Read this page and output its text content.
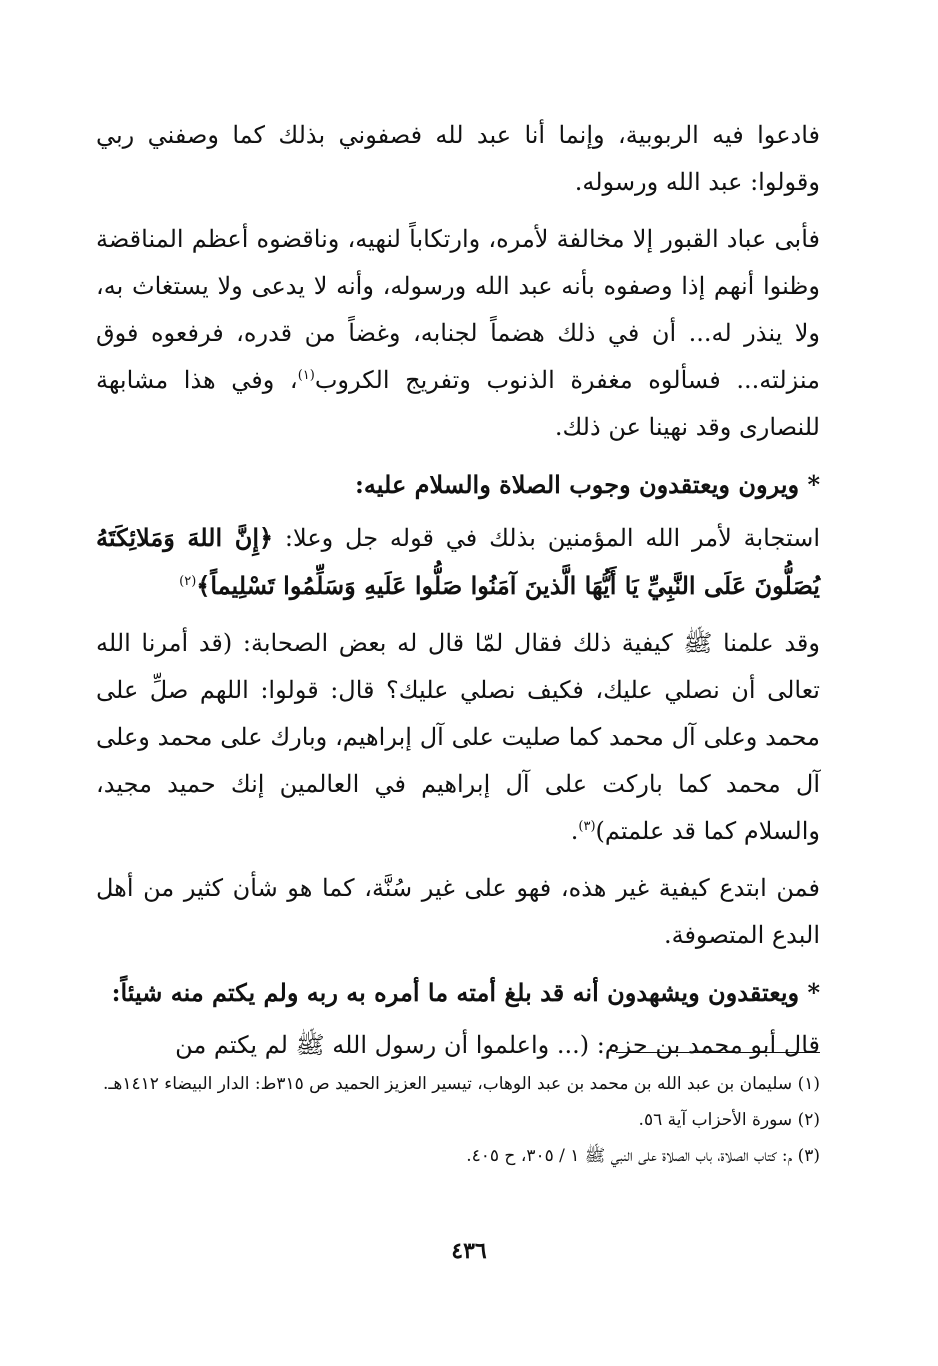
فادعوا فيه الربوبية، وإنما أنا عبد لله فصفوني بذلك كما وصفني ربي وقولوا: عبد الله ورسوله.

فأبى عباد القبور إلا مخالفة لأمره، وارتكاباً لنهيه، وناقضوه أعظم المناقضة وظنوا أنهم إذا وصفوه بأنه عبد الله ورسوله، وأنه لا يدعى ولا يستغاث به، ولا ينذر له... أن في ذلك هضماً لجنابه، وغضاً من قدره، فرفعوه فوق منزلته... فسألوه مغفرة الذنوب وتفريج الكروب$^{(١)}$، وفي هذا مشابهة للنصارى وقد نهينا عن ذلك.

* ويرون ويعتقدون وجوب الصلاة والسلام عليه:

استجابة لأمر الله المؤمنين بذلك في قوله جل وعلا: ﴿إِنَّ اللهَ وَمَلائِكَتَهُ يُصَلُّونَ عَلَى النَّبِيِّ يَا أَيُّهَا الَّذينَ آمَنُوا صَلُّوا عَلَيهِ وَسَلِّمُوا تَسْلِيماً﴾$^{(٢)}$

وقد علمنا ﷺ كيفية ذلك فقال لمّا قال له بعض الصحابة: (قد أمرنا الله تعالى أن نصلي عليك، فكيف نصلي عليك؟ قال: قولوا: اللهم صلِّ على محمد وعلى آل محمد كما صليت على آل إبراهيم، وبارك على محمد وعلى آل محمد كما باركت على آل إبراهيم في العالمين إنك حميد مجيد، والسلام كما قد علمتم)$^{(٣)}$.

فمن ابتدع كيفية غير هذه، فهو على غير سُنَّة، كما هو شأن كثير من أهل البدع المتصوفة.

* ويعتقدون ويشهدون أنه قد بلغ أمته ما أمره به ربه ولم يكتم منه شيئاً:

قال أبو محمد بن حزم: (... واعلموا أن رسول الله ﷺ لم يكتم من

(١) سليمان بن عبد الله بن محمد بن عبد الوهاب، تيسير العزيز الحميد ص ٣١٥ط: الدار البيضاء ١٤١٢هـ.

(٢) سورة الأحزاب آية ٥٦.

(٣) م: كتاب الصلاة، باب الصلاة على النبي ﷺ ١ / ٣٠٥، ح ٤٠٥.

٤٣٦
